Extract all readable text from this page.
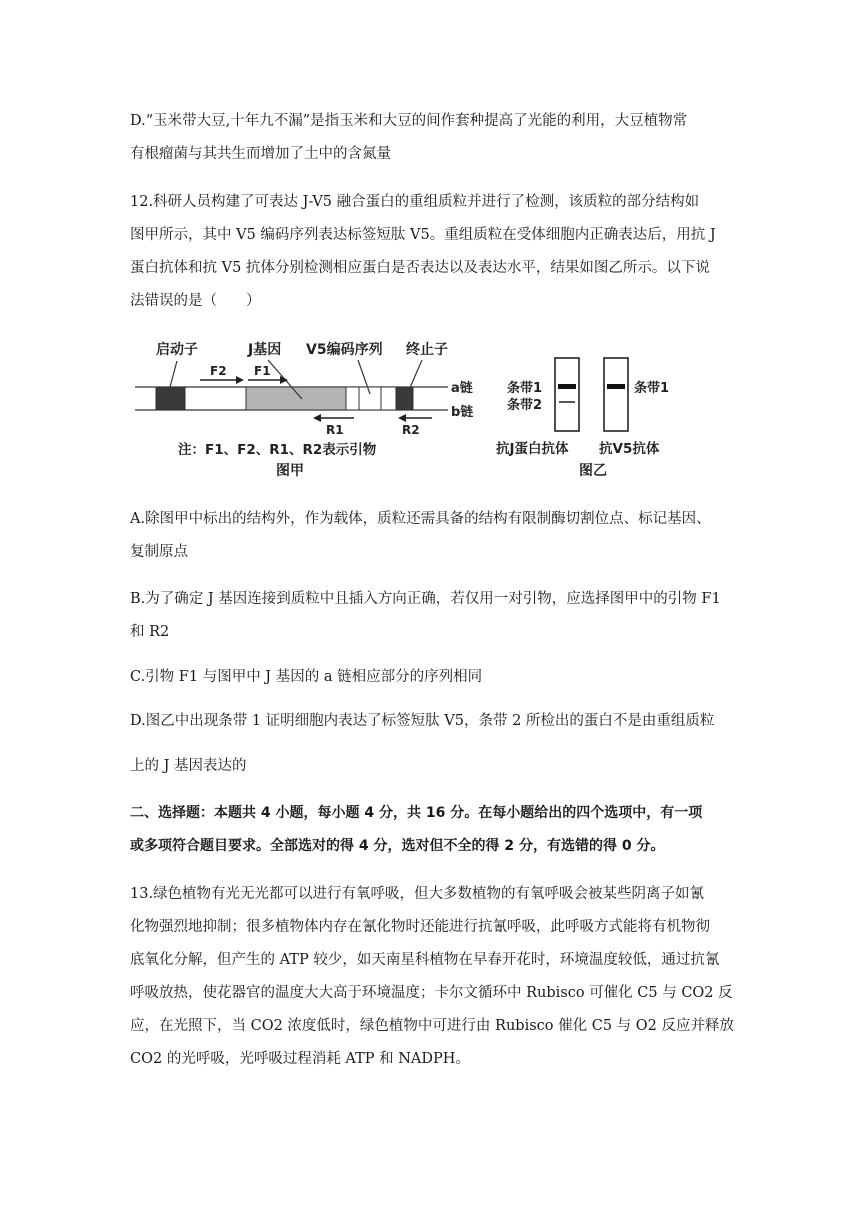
D.“玉米带大豆,十年九不漏”是指玉米和大豆的间作套种提高了光能的利用，大豆植物常
有根瘤菌与其共生而增加了土中的含氮量
12.科研人员构建了可表达 J-V5 融合蛋白的重组质粒并进行了检测，该质粒的部分结构如
图甲所示，其中 V5 编码序列表达标签短肽 V5。重组质粒在受体细胞内正确表达后，用抗 J
蛋白抗体和抗 V5 抗体分别检测相应蛋白是否表达以及表达水平，结果如图乙所示。以下说
法错误的是（　　）
启动子	J基因 V5编码序列 终止子
F2 F1
R1	R2
a链
b链
注：F1、F2、R1、R2表示引物
图甲
条带1
条带2
条带1
抗J蛋白抗体 抗V5抗体
图乙
A.除图甲中标出的结构外，作为载体，质粒还需具备的结构有限制酶切割位点、标记基因、
复制原点
B.为了确定 J 基因连接到质粒中且插入方向正确，若仅用一对引物，应选择图甲中的引物 F1
和 R2
C.引物 F1 与图甲中 J 基因的 a 链相应部分的序列相同
D.图乙中出现条带 1 证明细胞内表达了标签短肽 V5，条带 2 所检出的蛋白不是由重组质粒
上的 J 基因表达的
二、选择题：本题共 4 小题，每小题 4 分，共 16 分。在每小题给出的四个选项中，有一项
或多项符合题目要求。全部选对的得 4 分，选对但不全的得 2 分，有选错的得 0 分。
13.绿色植物有光无光都可以进行有氧呼吸，但大多数植物的有氧呼吸会被某些阴离子如氰
化物强烈地抑制；很多植物体内存在氰化物时还能进行抗氰呼吸，此呼吸方式能将有机物彻
底氧化分解，但产生的 ATP 较少，如天南星科植物在早春开花时，环境温度较低，通过抗氰
呼吸放热，使花器官的温度大大高于环境温度；卡尔文循环中 Rubisco 可催化 C5 与 CO2 反
应，在光照下，当 CO2 浓度低时，绿色植物中可进行由 Rubisco 催化 C5 与 O2 反应并释放
CO2 的光呼吸，光呼吸过程消耗 ATP 和 NADPH。
